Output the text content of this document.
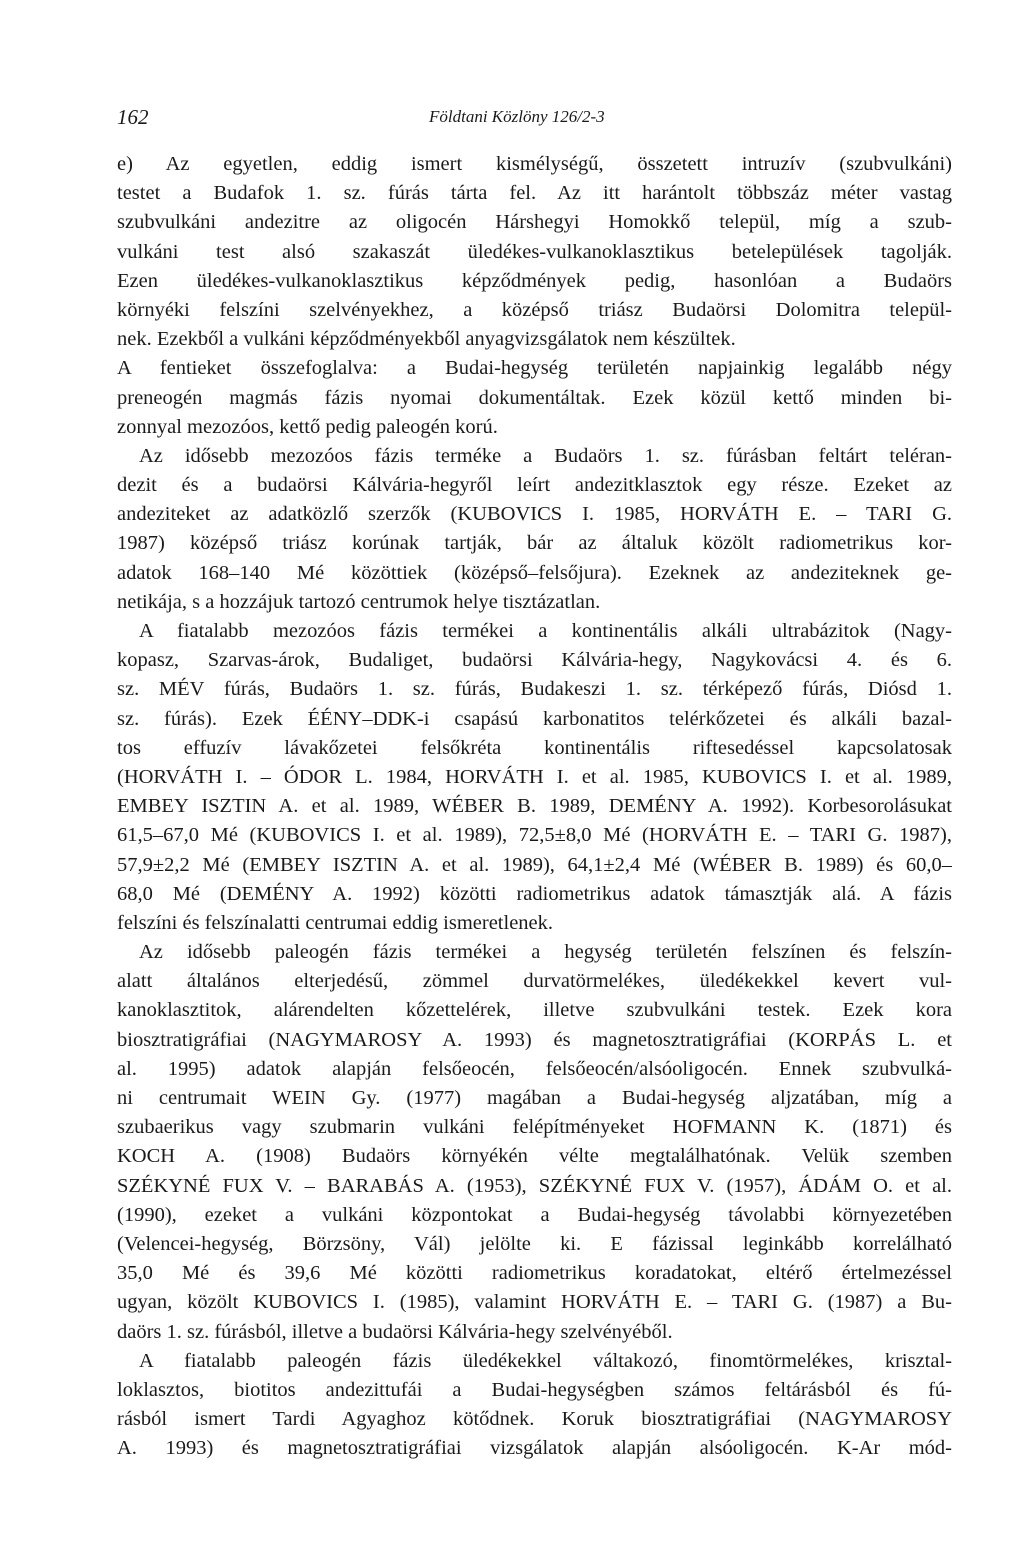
162	Földtani Közlöny 126/2-3
e) Az egyetlen, eddig ismert kismélységű, összetett intruzív (szubvulkáni)
testet a Budafok 1. sz. fúrás tárta fel. Az itt harántolt többszáz méter vastag
szubvulkáni andezitre az oligocén Hárshegyi Homokkő települ, míg a szub-
vulkáni test alsó szakaszát üledékes-vulkanoklasztikus betelepülések tagolják.
Ezen üledékes-vulkanoklasztikus képződmények pedig, hasonlóan a Budaörs
környéki felszíni szelvényekhez, a középső triász Budaörsi Dolomitra települ-
nek. Ezekből a vulkáni képződményekből anyagvizsgálatok nem készültek.
A fentieket összefoglalva: a Budai-hegység területén napjainkig legalább négy
preneogén magmás fázis nyomai dokumentáltak. Ezek közül kettő minden bi-
zonnyal mezozóos, kettő pedig paleogén korú.
Az idősebb mezozóos fázis terméke a Budaörs 1. sz. fúrásban feltárt teléran-
dezit és a budaörsi Kálvária-hegyről leírt andezitklasztok egy része. Ezeket az
andeziteket az adatközlő szerzők (KUBOVICS I. 1985, HORVÁTH E. – TARI G.
1987) középső triász korúnak tartják, bár az általuk közölt radiometrikus kor-
adatok 168–140 Mé közöttiek (középső–felsőjura). Ezeknek az andeziteknek ge-
netikája, s a hozzájuk tartozó centrumok helye tisztázatlan.
A fiatalabb mezozóos fázis termékei a kontinentális alkáli ultrabázitok (Nagy-
kopasz, Szarvas-árok, Budaliget, budaörsi Kálvária-hegy, Nagykovácsi 4. és 6.
sz. MÉV fúrás, Budaörs 1. sz. fúrás, Budakeszi 1. sz. térképező fúrás, Diósd 1.
sz. fúrás). Ezek ÉÉNY–DDK-i csapású karbonatitos telérkőzetei és alkáli bazal-
tos effuzív lávakőzetei felsőkréta kontinentális riftesedéssel kapcsolatosak
(HORVÁTH I. – ÓDOR L. 1984, HORVÁTH I. et al. 1985, KUBOVICS I. et al. 1989,
EMBEY ISZTIN A. et al. 1989, WÉBER B. 1989, DEMÉNY A. 1992). Korbesorolásukat
61,5–67,0 Mé (KUBOVICS I. et al. 1989), 72,5±8,0 Mé (HORVÁTH E. – TARI G. 1987),
57,9±2,2 Mé (EMBEY ISZTIN A. et al. 1989), 64,1±2,4 Mé (WÉBER B. 1989) és 60,0–
68,0 Mé (DEMÉNY A. 1992) közötti radiometrikus adatok támasztják alá. A fázis
felszíni és felszínalatti centrumai eddig ismeretlenek.
Az idősebb paleogén fázis termékei a hegység területén felszínen és felszín-
alatt általános elterjedésű, zömmel durvatörmelékes, üledékekkel kevert vul-
kanoklasztitok, alárendelten kőzettelérek, illetve szubvulkáni testek. Ezek kora
biosztratigráfiai (NAGYMAROSY A. 1993) és magnetosztratigráfiai (KORPÁS L. et
al. 1995) adatok alapján felsőeocén, felsőeocén/alsóoligocén. Ennek szubvulká-
ni centrumait WEIN Gy. (1977) magában a Budai-hegység aljzatában, míg a
szubaerikus vagy szubmarin vulkáni felépítményeket HOFMANN K. (1871) és
KOCH A. (1908) Budaörs környékén vélte megtalálhatónak. Velük szemben
SZÉKYNÉ FUX V. – BARABÁS A. (1953), SZÉKYNÉ FUX V. (1957), ÁDÁM O. et al.
(1990), ezeket a vulkáni központokat a Budai-hegység távolabbi környezetében
(Velencei-hegység, Börzsöny, Vál) jelölte ki. E fázissal leginkább korrelálható
35,0 Mé és 39,6 Mé közötti radiometrikus koradatokat, eltérő értelmezéssel
ugyan, közölt KUBOVICS I. (1985), valamint HORVÁTH E. – TARI G. (1987) a Bu-
daörs 1. sz. fúrásból, illetve a budaörsi Kálvária-hegy szelvényéből.
A fiatalabb paleogén fázis üledékekkel váltakozó, finomtörmelékes, krisztal-
loklasztos, biotitos andezittufái a Budai-hegységben számos feltárásból és fú-
rásból ismert Tardi Agyaghoz kötődnek. Koruk biosztratigráfiai (NAGYMAROSY
A. 1993) és magnetosztratigráfiai vizsgálatok alapján alsóoligocén. K-Ar mód-
